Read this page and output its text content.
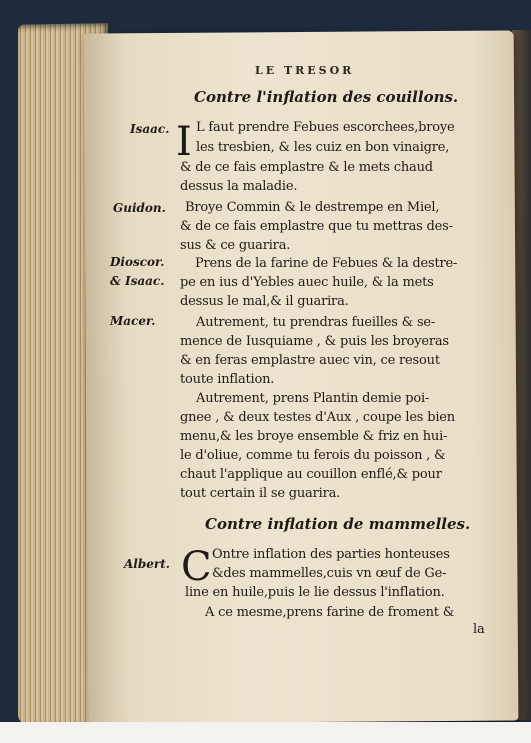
LE TRESOR
Contre l'inflation des couillons.
Isaac.
Guidon.
Dioscor.
& Isaac.
Macer.
I L faut prendre Febues escorchees,broye
les tresbien, & les cuiz en bon vinaigre,
& de ce fais emplastre & le mets chaud
dessus la maladie.
Broye Commin & le destrempe en Miel,
& de ce fais emplastre que tu mettras des-
sus & ce guarira.
Prens de la farine de Febues & la destre-
pe en ius d'Yebles auec huile, & la mets
dessus le mal,& il guarira.
Autrement, tu prendras fueilles & se-
mence de Iusquiame , & puis les broyeras
& en feras emplastre auec vin, ce resout
toute inflation.
Autrement, prens Plantin demie poi-
gnee , & deux testes d'Aux , coupe les bien
menu,& les broye ensemble & friz en hui-
le d'oliue, comme tu ferois du poisson , &
chaut l'applique au couillon enflé,& pour
tout certain il se guarira.
Contre inflation de mammelles.
Albert. C Ontre inflation des parties honteuses
&des mammelles,cuis vn œuf de Ge-
line en huile,puis le lie dessus l'inflation.
A ce mesme,prens farine de froment &
la
